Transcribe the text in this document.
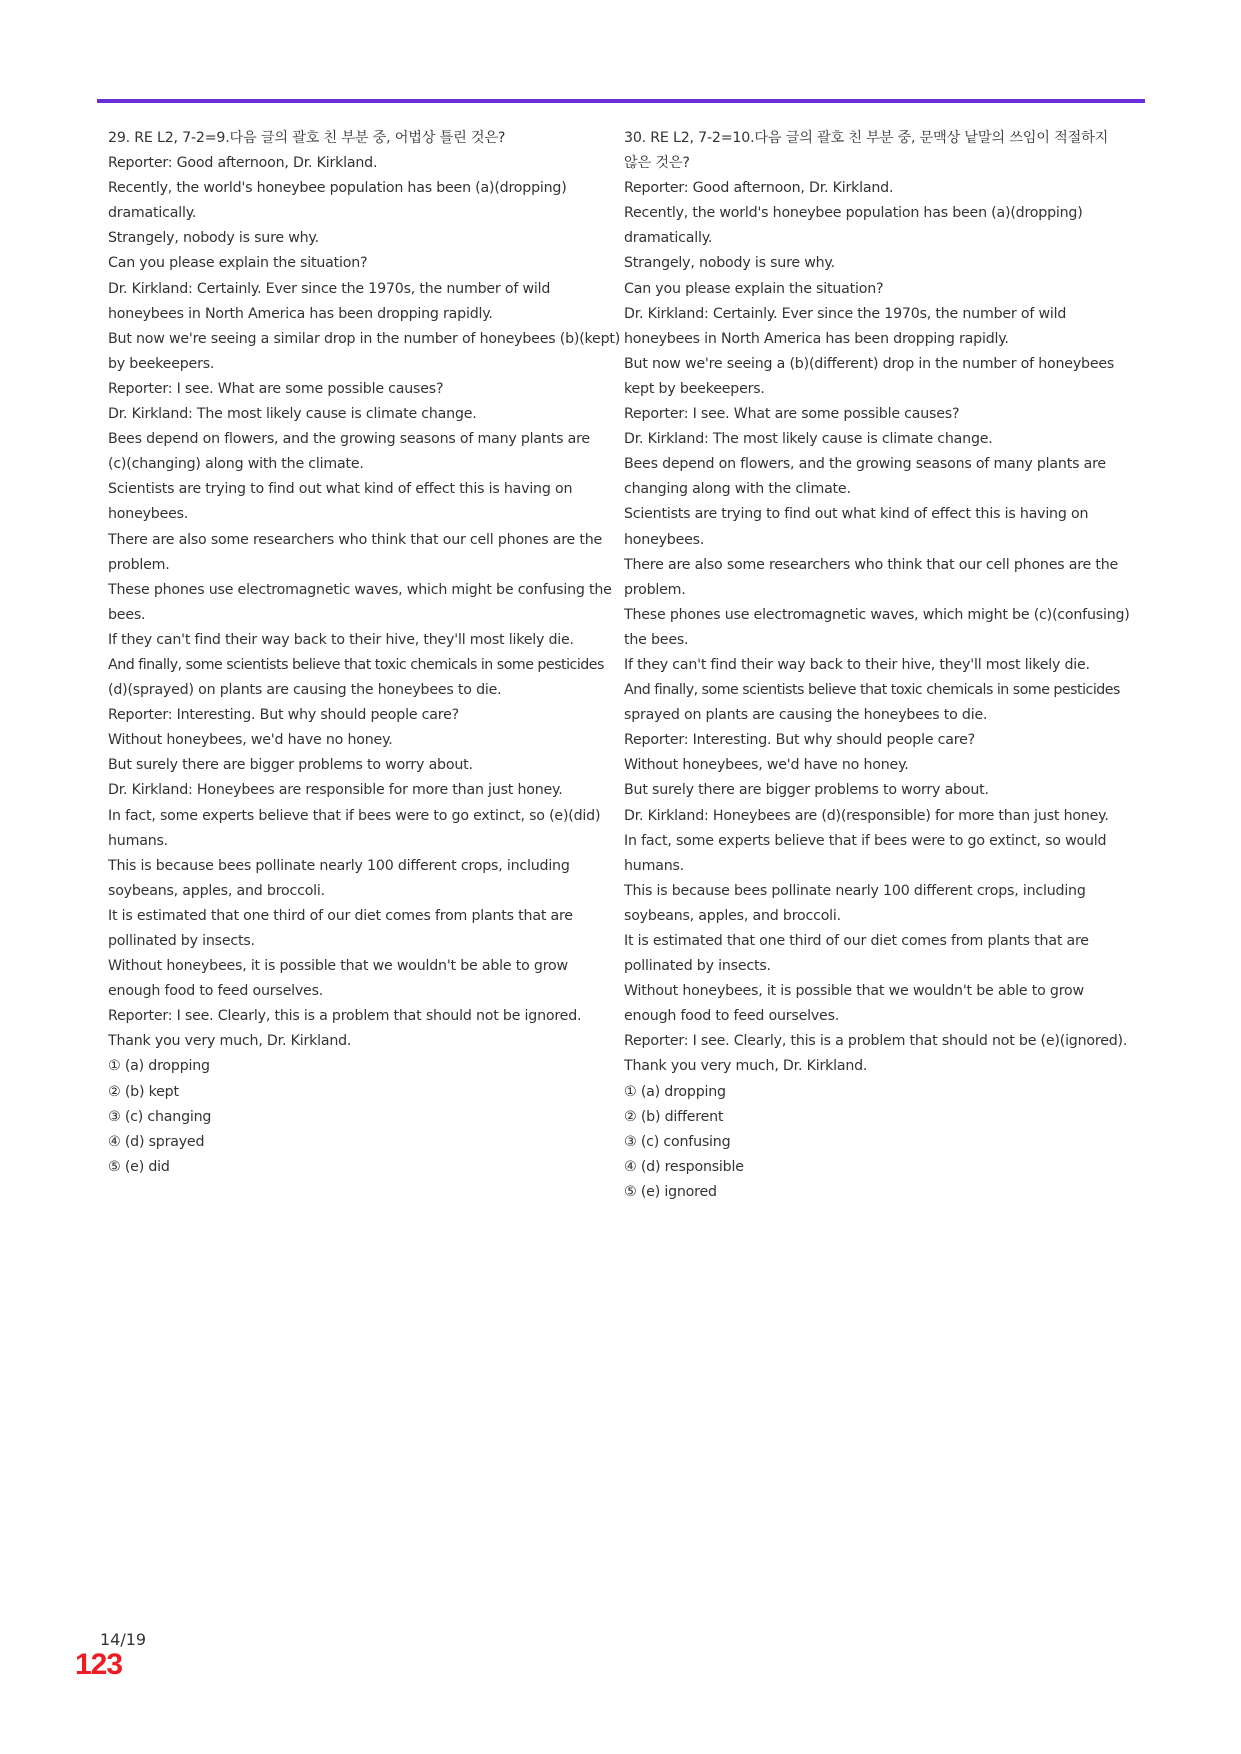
29. RE L2, 7-2=9.다음 글의 괄호 친 부분 중, 어법상 틀린 것은?
Reporter: Good afternoon, Dr. Kirkland.
Recently, the world's honeybee population has been (a)(dropping)
dramatically.
Strangely, nobody is sure why.
Can you please explain the situation?
Dr. Kirkland: Certainly. Ever since the 1970s, the number of wild
honeybees in North America has been dropping rapidly.
But now we're seeing a similar drop in the number of honeybees (b)(kept)
by beekeepers.
Reporter: I see. What are some possible causes?
Dr. Kirkland: The most likely cause is climate change.
Bees depend on flowers, and the growing seasons of many plants are
(c)(changing) along with the climate.
Scientists are trying to find out what kind of effect this is having on
honeybees.
There are also some researchers who think that our cell phones are the
problem.
These phones use electromagnetic waves, which might be confusing the
bees.
If they can't find their way back to their hive, they'll most likely die.
And finally, some scientists believe that toxic chemicals in some pesticides
(d)(sprayed) on plants are causing the honeybees to die.
Reporter: Interesting. But why should people care?
Without honeybees, we'd have no honey.
But surely there are bigger problems to worry about.
Dr. Kirkland: Honeybees are responsible for more than just honey.
In fact, some experts believe that if bees were to go extinct, so (e)(did)
humans.
This is because bees pollinate nearly 100 different crops, including
soybeans, apples, and broccoli.
It is estimated that one third of our diet comes from plants that are
pollinated by insects.
Without honeybees, it is possible that we wouldn't be able to grow
enough food to feed ourselves.
Reporter: I see. Clearly, this is a problem that should not be ignored.
Thank you very much, Dr. Kirkland.
① (a) dropping
② (b) kept
③ (c) changing
④ (d) sprayed
⑤ (e) did
30. RE L2, 7-2=10.다음 글의 괄호 친 부분 중, 문맥상 낱말의 쓰임이 적절하지
않은 것은?
Reporter: Good afternoon, Dr. Kirkland.
Recently, the world's honeybee population has been (a)(dropping)
dramatically.
Strangely, nobody is sure why.
Can you please explain the situation?
Dr. Kirkland: Certainly. Ever since the 1970s, the number of wild
honeybees in North America has been dropping rapidly.
But now we're seeing a (b)(different) drop in the number of honeybees
kept by beekeepers.
Reporter: I see. What are some possible causes?
Dr. Kirkland: The most likely cause is climate change.
Bees depend on flowers, and the growing seasons of many plants are
changing along with the climate.
Scientists are trying to find out what kind of effect this is having on
honeybees.
There are also some researchers who think that our cell phones are the
problem.
These phones use electromagnetic waves, which might be (c)(confusing)
the bees.
If they can't find their way back to their hive, they'll most likely die.
And finally, some scientists believe that toxic chemicals in some pesticides
sprayed on plants are causing the honeybees to die.
Reporter: Interesting. But why should people care?
Without honeybees, we'd have no honey.
But surely there are bigger problems to worry about.
Dr. Kirkland: Honeybees are (d)(responsible) for more than just honey.
In fact, some experts believe that if bees were to go extinct, so would
humans.
This is because bees pollinate nearly 100 different crops, including
soybeans, apples, and broccoli.
It is estimated that one third of our diet comes from plants that are
pollinated by insects.
Without honeybees, it is possible that we wouldn't be able to grow
enough food to feed ourselves.
Reporter: I see. Clearly, this is a problem that should not be (e)(ignored).
Thank you very much, Dr. Kirkland.
① (a) dropping
② (b) different
③ (c) confusing
④ (d) responsible
⑤ (e) ignored
14/19
123
